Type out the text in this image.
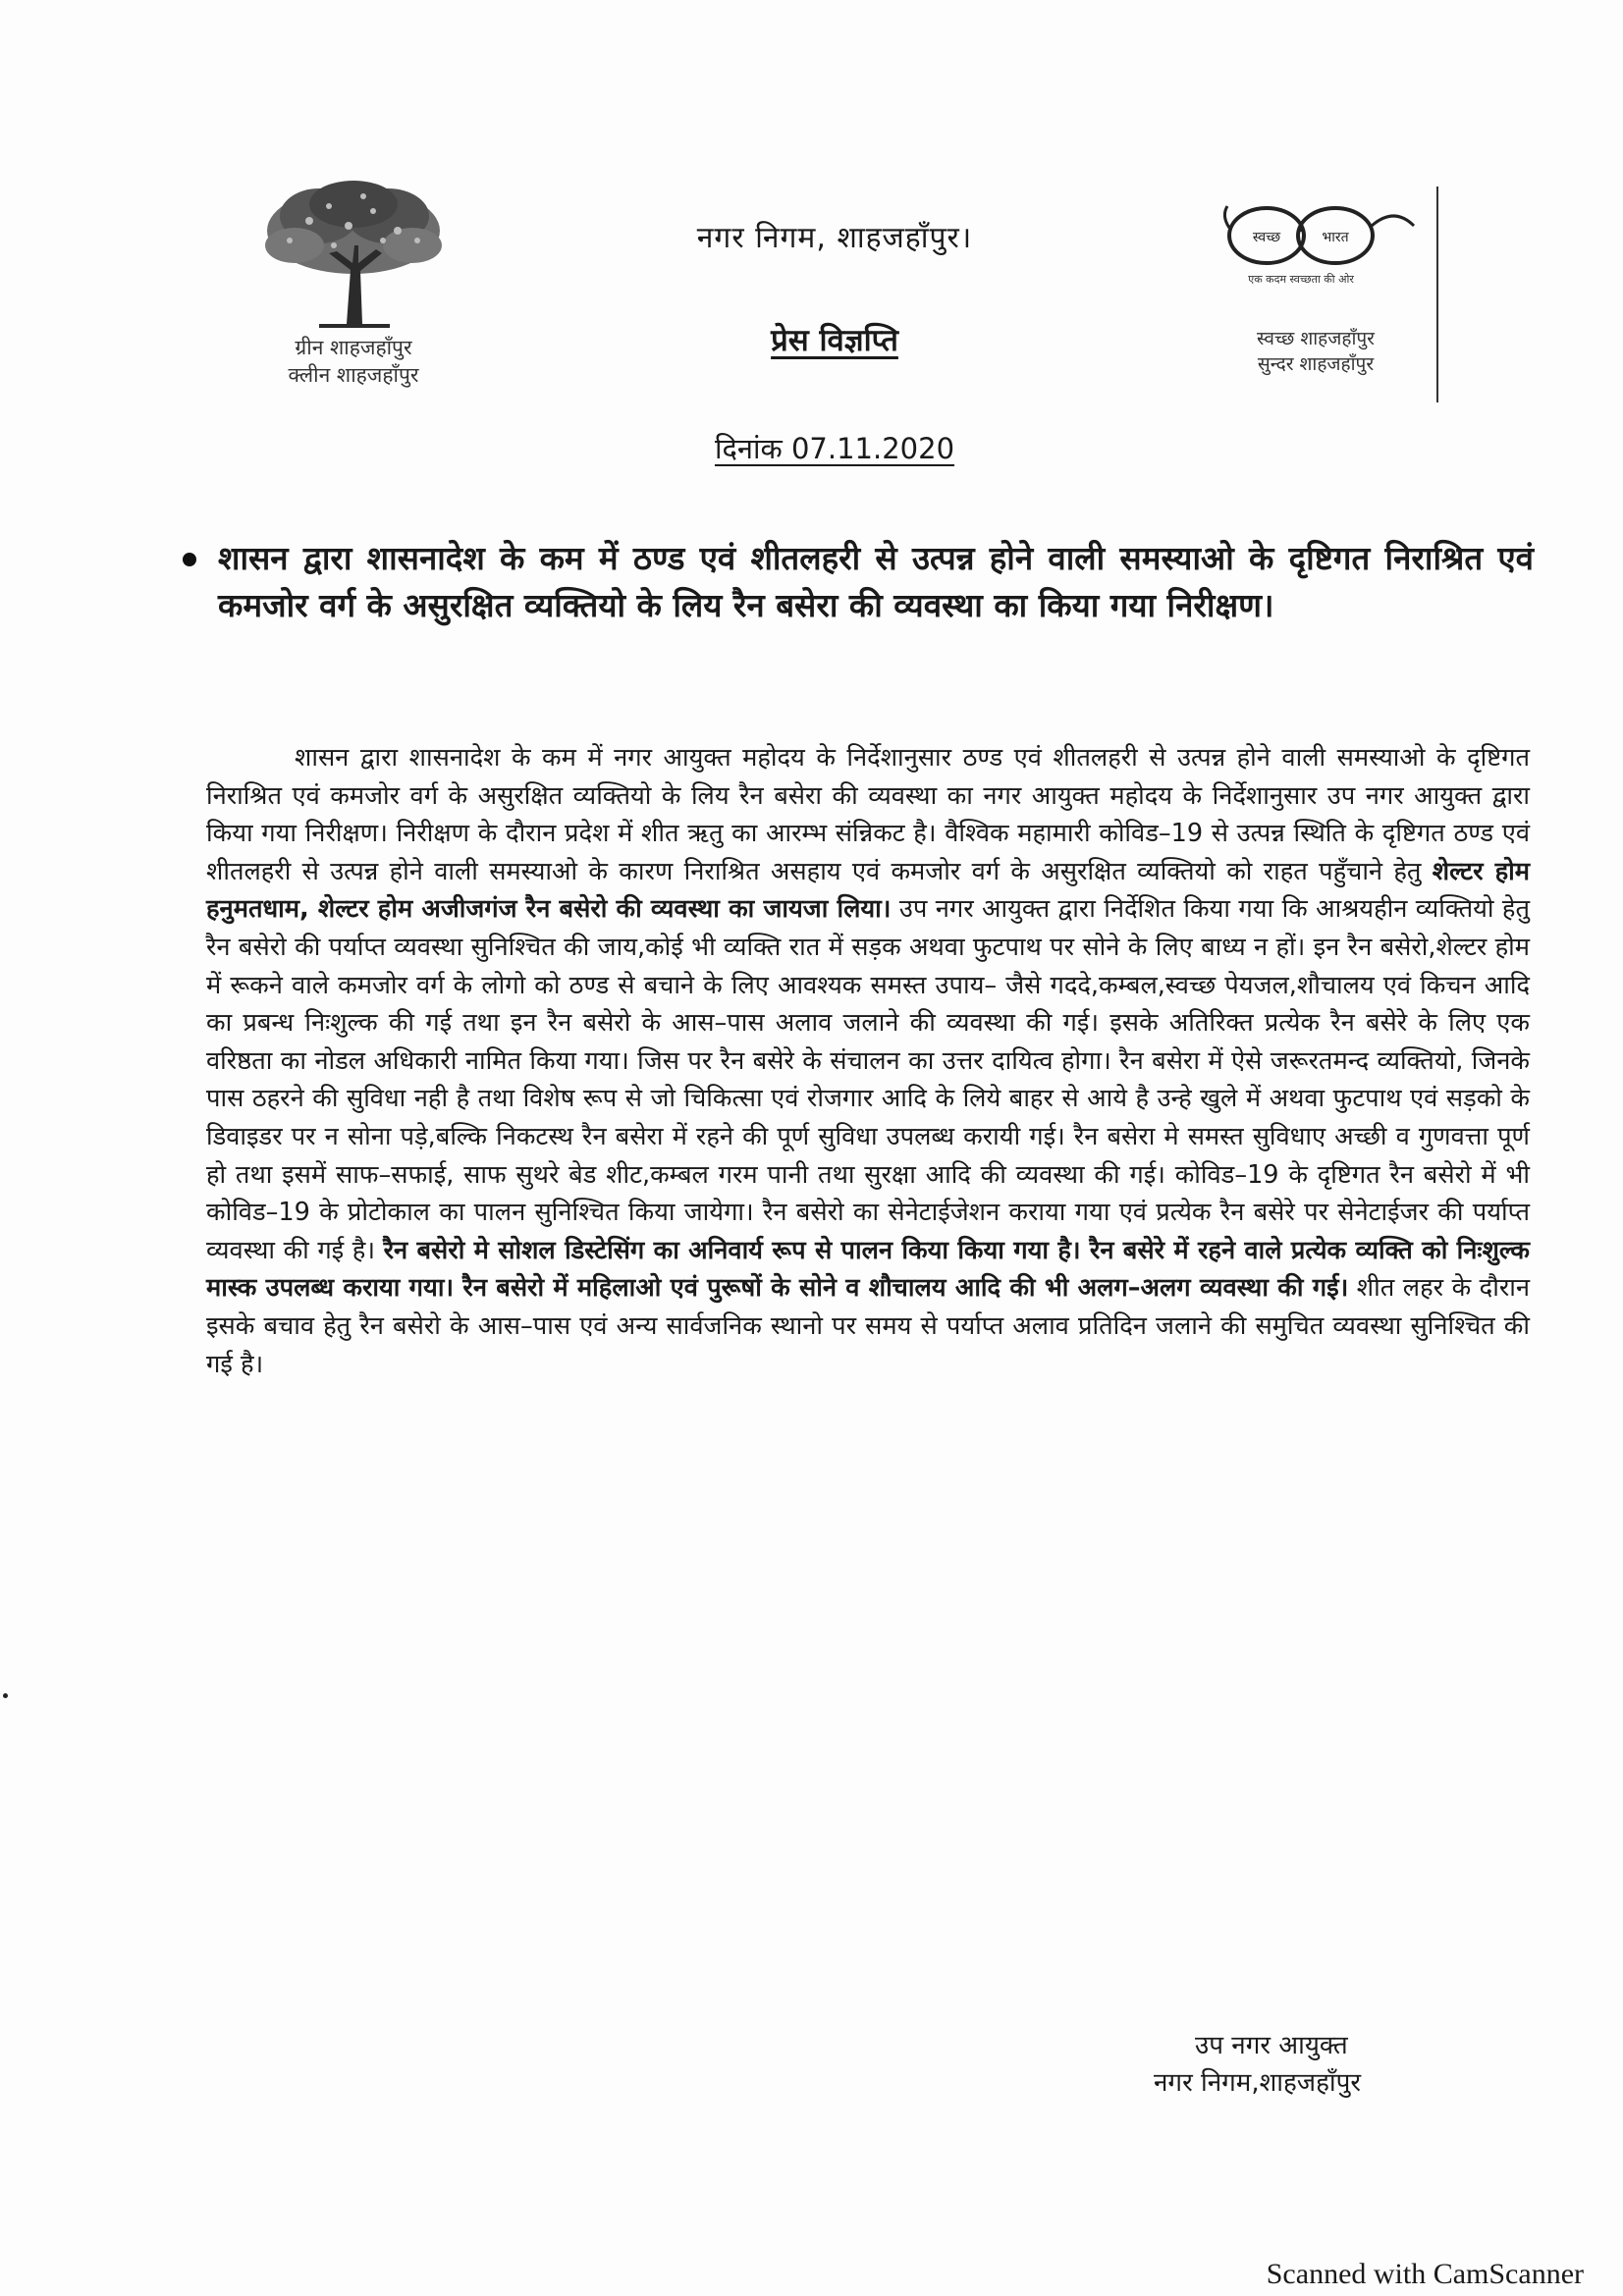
ग्रीन शाहजहाँपुर
क्लीन शाहजहाँपुर
नगर निगम, शाहजहाँपुर।
प्रेस विज्ञप्ति
दिनांक 07.11.2020
स्वच्छ	भारत
एक कदम स्वच्छता की ओर
स्वच्छ शाहजहाँपुर
सुन्दर शाहजहाँपुर
शासन द्वारा शासनादेश के कम में ठण्ड एवं शीतलहरी से उत्पन्न होने वाली समस्याओ के दृष्टिगत निराश्रित एवं कमजोर वर्ग के असुरक्षित व्यक्तियो के लिय रैन बसेरा की व्यवस्था का किया गया निरीक्षण।
शासन द्वारा शासनादेश के कम में नगर आयुक्त महोदय के निर्देशानुसार ठण्ड एवं शीतलहरी से उत्पन्न होने वाली समस्याओ के दृष्टिगत निराश्रित एवं कमजोर वर्ग के असुरक्षित व्यक्तियो के लिय रैन बसेरा की व्यवस्था का नगर आयुक्त महोदय के निर्देशानुसार उप नगर आयुक्त द्वारा किया गया निरीक्षण। निरीक्षण के दौरान प्रदेश में शीत ऋतु का आरम्भ संन्निकट है। वैश्विक महामारी कोविड–19 से उत्पन्न स्थिति के दृष्टिगत ठण्ड एवं शीतलहरी से उत्पन्न होने वाली समस्याओ के कारण निराश्रित असहाय एवं कमजोर वर्ग के असुरक्षित व्यक्तियो को राहत पहुँचाने हेतु शेल्टर होम हनुमतधाम, शेल्टर होम अजीजगंज रैन बसेरो की व्यवस्था का जायजा लिया। उप नगर आयुक्त द्वारा निर्देशित किया गया कि आश्रयहीन व्यक्तियो हेतु रैन बसेरो की पर्याप्त व्यवस्था सुनिश्चित की जाय,कोई भी व्यक्ति रात में सड़क अथवा फुटपाथ पर सोने के लिए बाध्य न हों। इन रैन बसेरो,शेल्टर होम में रूकने वाले कमजोर वर्ग के लोगो को ठण्ड से बचाने के लिए आवश्यक समस्त उपाय– जैसे गददे,कम्बल,स्वच्छ पेयजल,शौचालय एवं किचन आदि का प्रबन्ध निःशुल्क की गई तथा इन रैन बसेरो के आस–पास अलाव जलाने की व्यवस्था की गई। इसके अतिरिक्त प्रत्येक रैन बसेरे के लिए एक वरिष्ठता का नोडल अधिकारी नामित किया गया। जिस पर रैन बसेरे के संचालन का उत्तर दायित्व होगा। रैन बसेरा में ऐसे जरूरतमन्द व्यक्तियो, जिनके पास ठहरने की सुविधा नही है तथा विशेष रूप से जो चिकित्सा एवं रोजगार आदि के लिये बाहर से आये है उन्हे खुले में अथवा फुटपाथ एवं सड़को के डिवाइडर पर न सोना पड़े,बल्कि निकटस्थ रैन बसेरा में रहने की पूर्ण सुविधा उपलब्ध करायी गई। रैन बसेरा मे समस्त सुविधाए अच्छी व गुणवत्ता पूर्ण हो तथा इसमें साफ–सफाई, साफ सुथरे बेड शीट,कम्बल गरम पानी तथा सुरक्षा आदि की व्यवस्था की गई। कोविड–19 के दृष्टिगत रैन बसेरो में भी कोविड–19 के प्रोटोकाल का पालन सुनिश्चित किया जायेगा। रैन बसेरो का सेनेटाईजेशन कराया गया एवं प्रत्येक रैन बसेरे पर सेनेटाईजर की पर्याप्त व्यवस्था की गई है। रैन बसेरो मे सोशल डिस्टेसिंग का अनिवार्य रूप से पालन किया किया गया है। रैन बसेरे में रहने वाले प्रत्येक व्यक्ति को निःशुल्क मास्क उपलब्ध कराया गया। रैन बसेरो में महिलाओ एवं पुरूषों के सोने व शौचालय आदि की भी अलग–अलग व्यवस्था की गई। शीत लहर के दौरान इसके बचाव हेतु रैन बसेरो के आस–पास एवं अन्य सार्वजनिक स्थानो पर समय से पर्याप्त अलाव प्रतिदिन जलाने की समुचित व्यवस्था सुनिश्चित की गई है।
उप नगर आयुक्त
नगर निगम,शाहजहाँपुर
Scanned with CamScanner
